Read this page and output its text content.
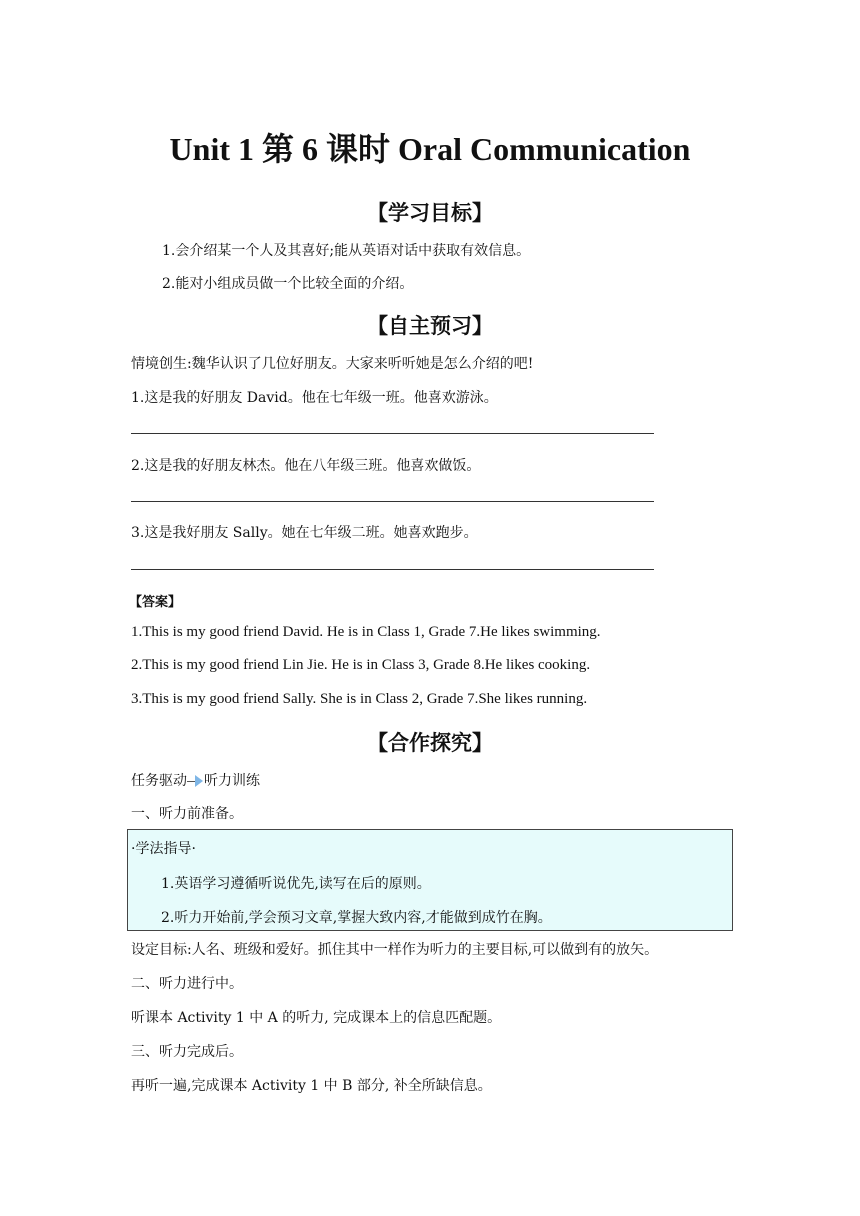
Unit 1 第 6 课时 Oral Communication
【学习目标】
1.会介绍某一个人及其喜好;能从英语对话中获取有效信息。
2.能对小组成员做一个比较全面的介绍。
【自主预习】
情境创生:魏华认识了几位好朋友。大家来听听她是怎么介绍的吧!
1.这是我的好朋友 David。他在七年级一班。他喜欢游泳。
2.这是我的好朋友林杰。他在八年级三班。他喜欢做饭。
3.这是我好朋友 Sally。她在七年级二班。她喜欢跑步。
【答案】
1.This is my good friend David. He is in Class 1, Grade 7.He likes swimming.
2.This is my good friend Lin Jie. He is in Class 3, Grade 8.He likes cooking.
3.This is my good friend Sally. She is in Class 2, Grade 7.She likes running.
【合作探究】
任务驱动 听力训练
一、听力前准备。
·学法指导·
1.英语学习遵循听说优先,读写在后的原则。
2.听力开始前,学会预习文章,掌握大致内容,才能做到成竹在胸。
设定目标:人名、班级和爱好。抓住其中一样作为听力的主要目标,可以做到有的放矢。
二、听力进行中。
听课本 Activity 1 中 A 的听力, 完成课本上的信息匹配题。
三、听力完成后。
再听一遍,完成课本 Activity 1 中 B 部分, 补全所缺信息。
